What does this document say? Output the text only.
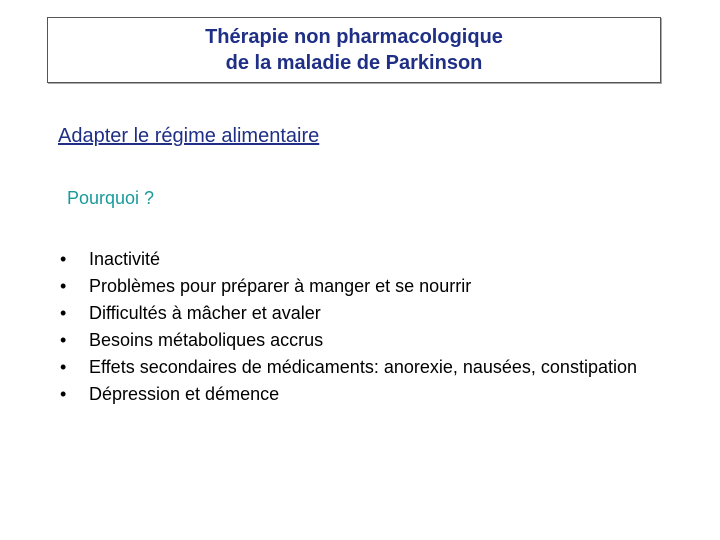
Thérapie non pharmacologique
de la maladie de Parkinson
Adapter le régime alimentaire
Pourquoi ?
•	Inactivité
•	Problèmes pour préparer à manger et se nourrir
•	Difficultés à mâcher et avaler
•	Besoins métaboliques accrus
•	Effets secondaires de médicaments: anorexie, nausées, constipation
•	Dépression et démence
